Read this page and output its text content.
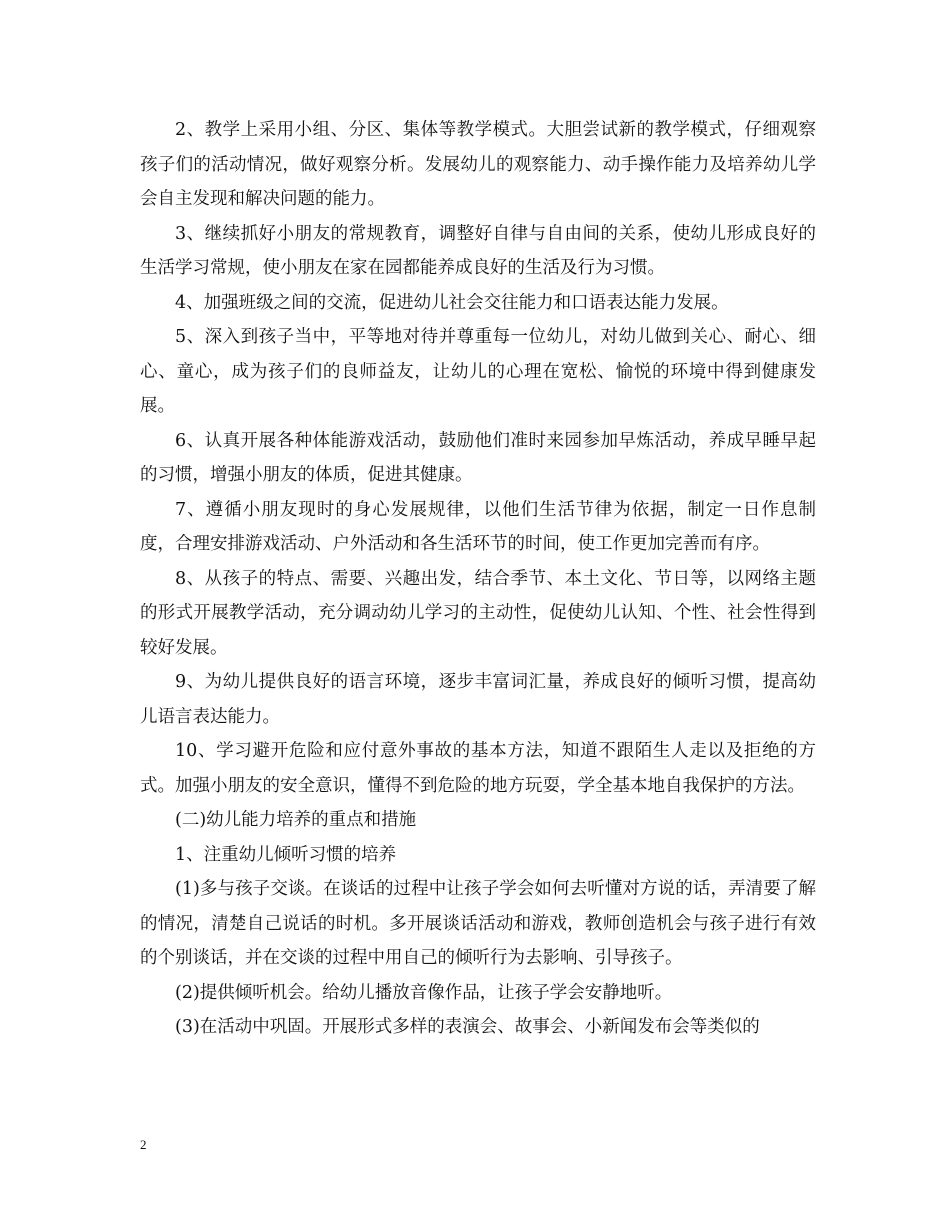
2、教学上采用小组、分区、集体等教学模式。大胆尝试新的教学模式，仔细观察孩子们的活动情况，做好观察分析。发展幼儿的观察能力、动手操作能力及培养幼儿学会自主发现和解决问题的能力。

3、继续抓好小朋友的常规教育，调整好自律与自由间的关系，使幼儿形成良好的生活学习常规，使小朋友在家在园都能养成良好的生活及行为习惯。

4、加强班级之间的交流，促进幼儿社会交往能力和口语表达能力发展。

5、深入到孩子当中，平等地对待并尊重每一位幼儿，对幼儿做到关心、耐心、细心、童心，成为孩子们的良师益友，让幼儿的心理在宽松、愉悦的环境中得到健康发展。

6、认真开展各种体能游戏活动，鼓励他们准时来园参加早炼活动，养成早睡早起的习惯，增强小朋友的体质，促进其健康。

7、遵循小朋友现时的身心发展规律，以他们生活节律为依据，制定一日作息制度，合理安排游戏活动、户外活动和各生活环节的时间，使工作更加完善而有序。

8、从孩子的特点、需要、兴趣出发，结合季节、本土文化、节日等，以网络主题的形式开展教学活动，充分调动幼儿学习的主动性，促使幼儿认知、个性、社会性得到较好发展。

9、为幼儿提供良好的语言环境，逐步丰富词汇量，养成良好的倾听习惯，提高幼儿语言表达能力。

10、学习避开危险和应付意外事故的基本方法，知道不跟陌生人走以及拒绝的方式。加强小朋友的安全意识，懂得不到危险的地方玩耍，学全基本地自我保护的方法。

(二)幼儿能力培养的重点和措施

1、注重幼儿倾听习惯的培养

(1)多与孩子交谈。在谈话的过程中让孩子学会如何去听懂对方说的话，弄清要了解的情况，清楚自己说话的时机。多开展谈话活动和游戏，教师创造机会与孩子进行有效的个别谈话，并在交谈的过程中用自己的倾听行为去影响、引导孩子。

(2)提供倾听机会。给幼儿播放音像作品，让孩子学会安静地听。

(3)在活动中巩固。开展形式多样的表演会、故事会、小新闻发布会等类似的

2
